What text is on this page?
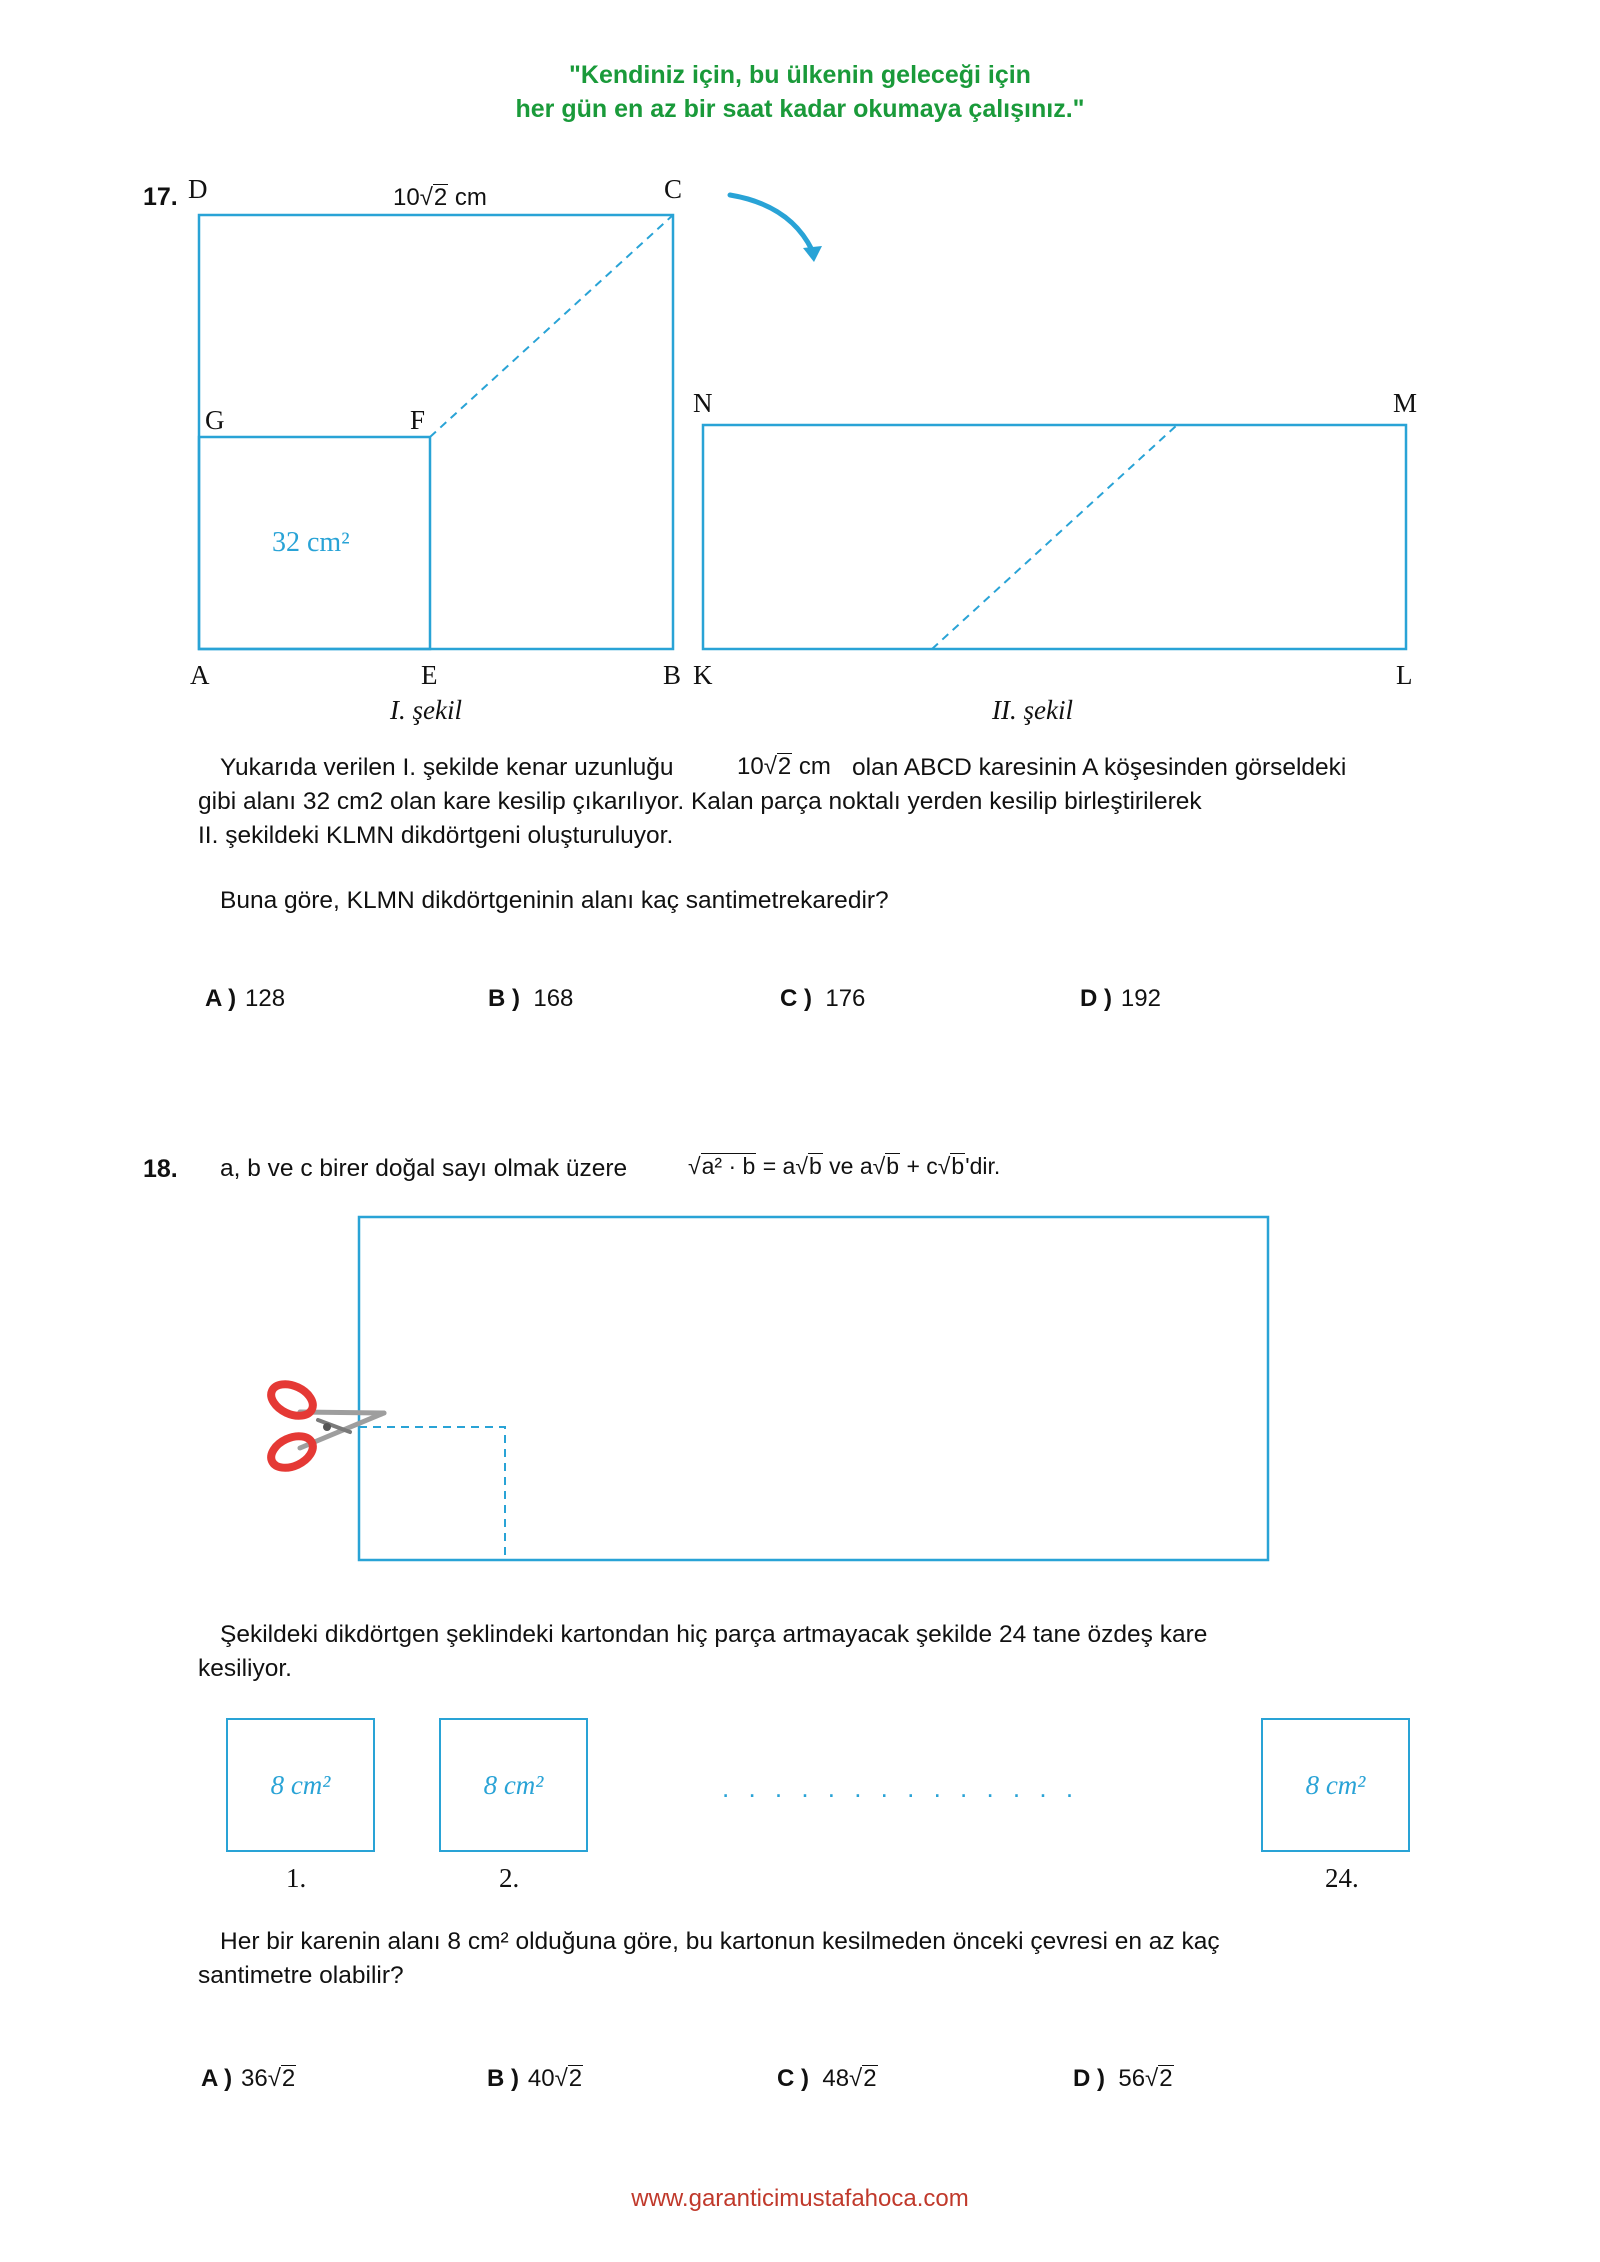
"Kendiniz için, bu ülkenin geleceği için
her gün en az bir saat kadar okumaya çalışınız."
17. D	C
G	F
A	E	B K
N	M
L
10√2 cm
32 cm²
I. şekil	II. şekil
Yukarıda verilen I. şekilde kenar uzunluğu	10√2 cm olan ABCD karesinin A köşesinden görseldeki
gibi alanı 32 cm2 olan kare kesilip çıkarılıyor. Kalan parça noktalı yerden kesilip birleştirilerek
II. şekildeki KLMN dikdörtgeni oluşturuluyor.
Buna göre, KLMN dikdörtgeninin alanı kaç santimetrekaredir?
A ) 128	B ) 168	C ) 176	D ) 192
18. a, b ve c birer doğal sayı olmak üzere	√a² · b = a√b ve a√b + c√b'dir.
Şekildeki dikdörtgen şeklindeki kartondan hiç parça artmayacak şekilde 24 tane özdeş kare
kesiliyor.
8 cm²	8 cm²	8 cm²
. . . . . . . . . . . . . .
1.	2.	24.
Her bir karenin alanı 8 cm² olduğuna göre, bu kartonun kesilmeden önceki çevresi en az kaç
santimetre olabilir?
A ) 36√2	B ) 40√2	C ) 48√2	D ) 56√2
www.garanticimustafahoca.com
